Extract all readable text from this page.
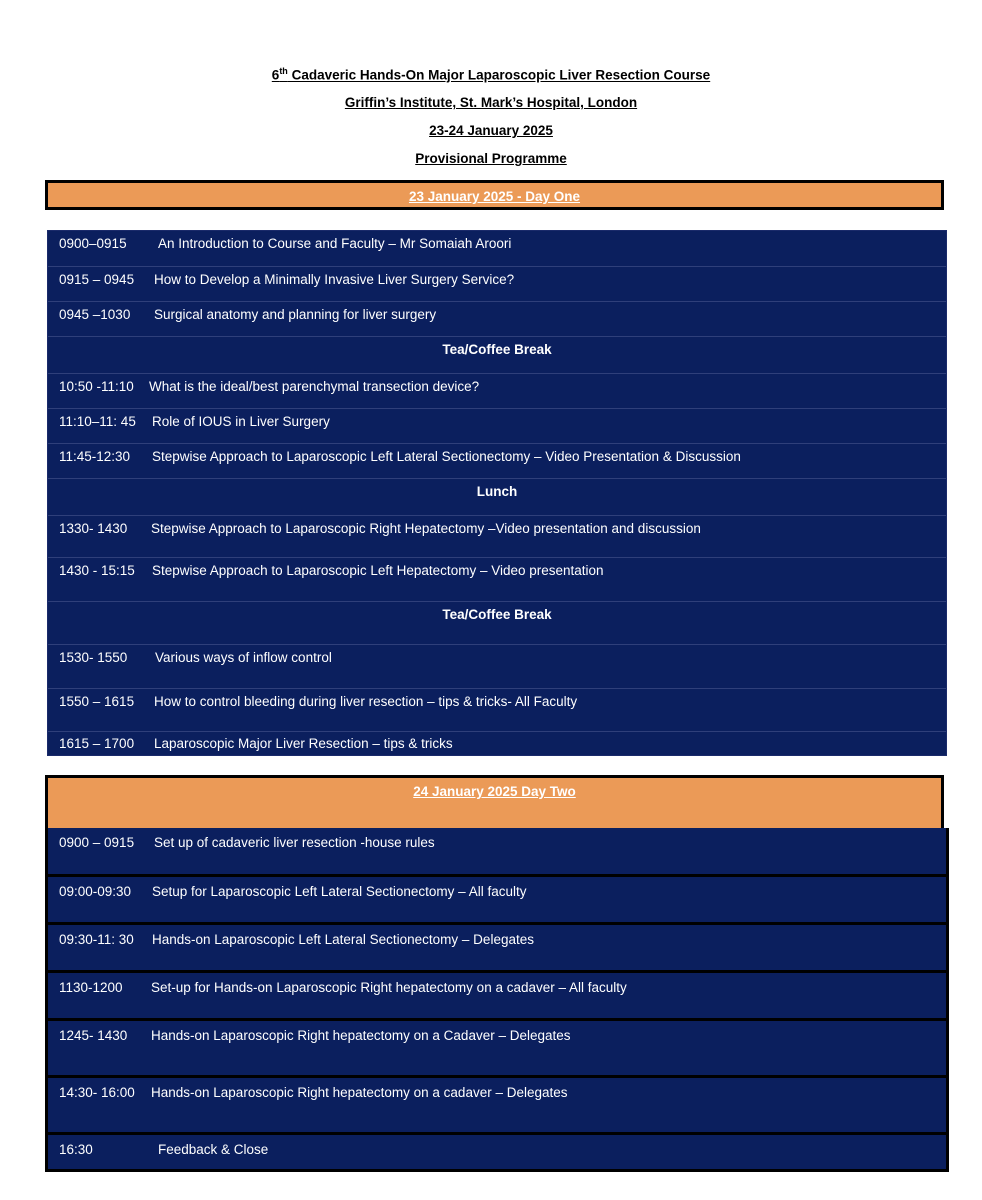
6th Cadaveric Hands-On Major Laparoscopic Liver Resection Course
Griffin’s Institute, St. Mark’s Hospital, London
23-24 January 2025
Provisional Programme
23 January 2025 - Day One
0900–0915 An Introduction to Course and Faculty – Mr Somaiah Aroori
0915 – 0945 How to Develop a Minimally Invasive Liver Surgery Service?
0945 –1030 Surgical anatomy and planning for liver surgery
Tea/Coffee Break
10:50 -11:10 What is the ideal/best parenchymal transection device?
11:10–11: 45 Role of IOUS in Liver Surgery
11:45-12:30 Stepwise Approach to Laparoscopic Left Lateral Sectionectomy – Video Presentation & Discussion
Lunch
1330- 1430 Stepwise Approach to Laparoscopic Right Hepatectomy –Video presentation and discussion
1430 - 15:15 Stepwise Approach to Laparoscopic Left Hepatectomy – Video presentation
Tea/Coffee Break
1530- 1550 Various ways of inflow control
1550 – 1615 How to control bleeding during liver resection – tips & tricks- All Faculty
1615 – 1700 Laparoscopic Major Liver Resection – tips & tricks
24 January 2025 Day Two
0900 – 0915 Set up of cadaveric liver resection -house rules
09:00-09:30 Setup for Laparoscopic Left Lateral Sectionectomy – All faculty
09:30-11: 30 Hands-on Laparoscopic Left Lateral Sectionectomy – Delegates
1130-1200 Set-up for Hands-on Laparoscopic Right hepatectomy on a cadaver – All faculty
1245- 1430 Hands-on Laparoscopic Right hepatectomy on a Cadaver – Delegates
14:30- 16:00 Hands-on Laparoscopic Right hepatectomy on a cadaver – Delegates
16:30	Feedback & Close
